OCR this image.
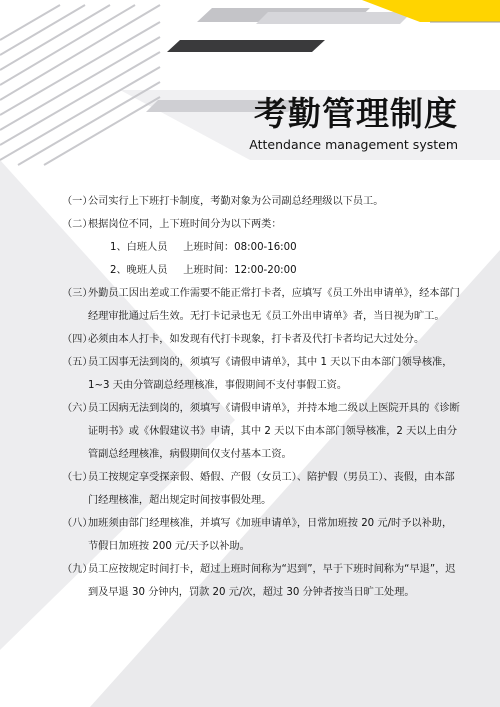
考勤管理制度
Attendance management system
（一）
公司实行上下班打卡制度，考勤对象为公司副总经理级以下员工。
（二）
根据岗位不同，上下班时间分为以下两类：
1、白班人员 上班时间：08:00-16:00
2、晚班人员 上班时间：12:00-20:00
（三）
外勤员工因出差或工作需要不能正常打卡者，应填写《员工外出申请单》，经本部门经理审批通过后生效。无打卡记录也无《员工外出申请单》者，当日视为旷工。
（四）
必须由本人打卡，如发现有代打卡现象，打卡者及代打卡者均记大过处分。
（五）
员工因事无法到岗的，须填写《请假申请单》，其中 1 天以下由本部门领导核准，1~3 天由分管副总经理核准，事假期间不支付事假工资。
（六）
员工因病无法到岗的，须填写《请假申请单》，并持本地二级以上医院开具的《诊断证明书》或《休假建议书》申请，其中 2 天以下由本部门领导核准，2 天以上由分管副总经理核准，病假期间仅支付基本工资。
（七）
员工按规定享受探亲假、婚假、产假（女员工）、陪护假（男员工）、丧假，由本部门经理核准，超出规定时间按事假处理。
（八）
加班须由部门经理核准，并填写《加班申请单》，日常加班按 20 元/时予以补助，节假日加班按 200 元/天予以补助。
（九）
员工应按规定时间打卡，超过上班时间称为“迟到”，早于下班时间称为“早退”，迟到及早退 30 分钟内，罚款 20 元/次，超过 30 分钟者按当日旷工处理。
